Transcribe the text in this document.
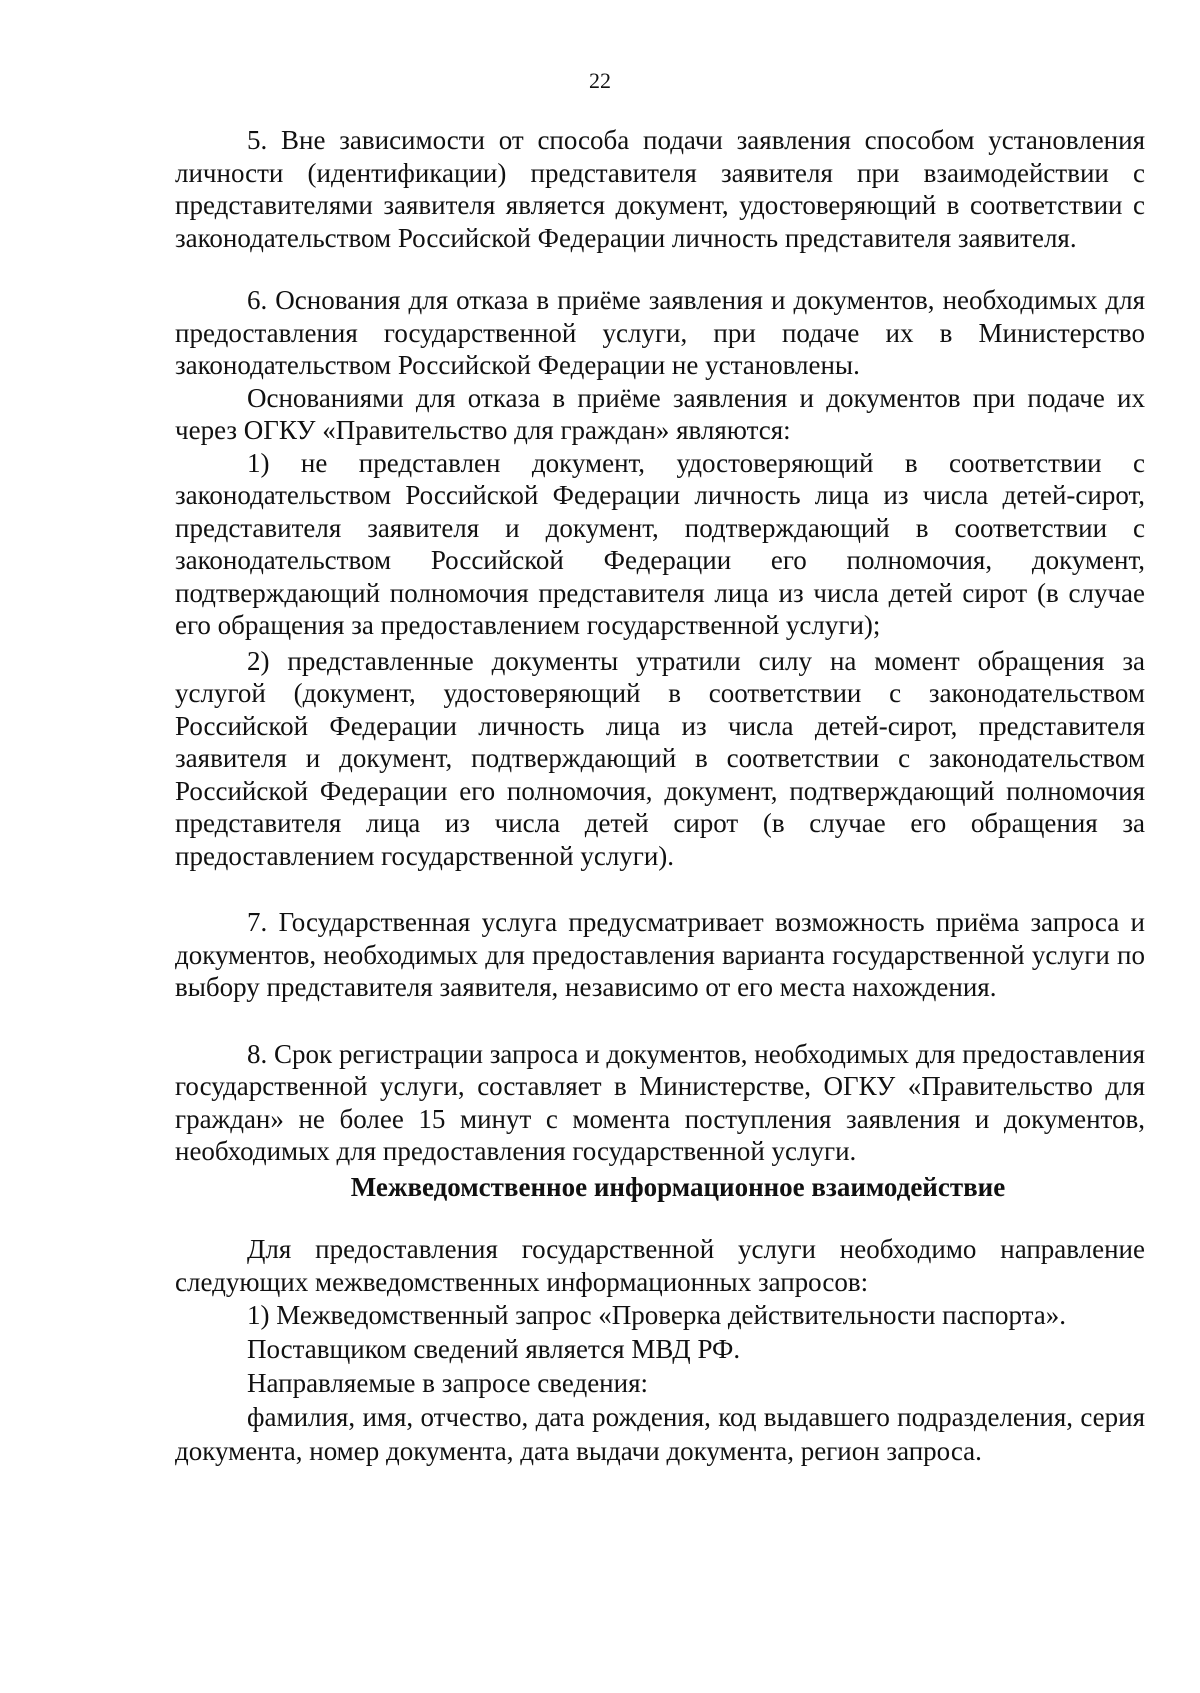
22

5. Вне зависимости от способа подачи заявления способом установления личности (идентификации) представителя заявителя при взаимодействии с представителями заявителя является документ, удостоверяющий в соответствии с законодательством Российской Федерации личность представителя заявителя.

6. Основания для отказа в приёме заявления и документов, необходимых для предоставления государственной услуги, при подаче их в Министерство законодательством Российской Федерации не установлены.

Основаниями для отказа в приёме заявления и документов при подаче их через ОГКУ «Правительство для граждан» являются:

1) не представлен документ, удостоверяющий в соответствии с законодательством Российской Федерации личность лица из числа детей-сирот, представителя заявителя и документ, подтверждающий в соответствии с законодательством Российской Федерации его полномочия, документ, подтверждающий полномочия представителя лица из числа детей сирот (в случае его обращения за предоставлением государственной услуги);

2) представленные документы утратили силу на момент обращения за услугой (документ, удостоверяющий в соответствии с законодательством Российской Федерации личность лица из числа детей-сирот, представителя заявителя и документ, подтверждающий в соответствии с законодательством Российской Федерации его полномочия, документ, подтверждающий полномочия представителя лица из числа детей сирот (в случае его обращения за предоставлением государственной услуги).

7. Государственная услуга предусматривает возможность приёма запроса и документов, необходимых для предоставления варианта государственной услуги по выбору представителя заявителя, независимо от его места нахождения.

8. Срок регистрации запроса и документов, необходимых для предоставления государственной услуги, составляет в Министерстве, ОГКУ «Правительство для граждан» не более 15 минут с момента поступления заявления и документов, необходимых для предоставления государственной услуги.

Межведомственное информационное взаимодействие

Для предоставления государственной услуги необходимо направление следующих межведомственных информационных запросов:

1) Межведомственный запрос «Проверка действительности паспорта».

Поставщиком сведений является МВД РФ.

Направляемые в запросе сведения:

фамилия, имя, отчество, дата рождения, код выдавшего подразделения, серия документа, номер документа, дата выдачи документа, регион запроса.
